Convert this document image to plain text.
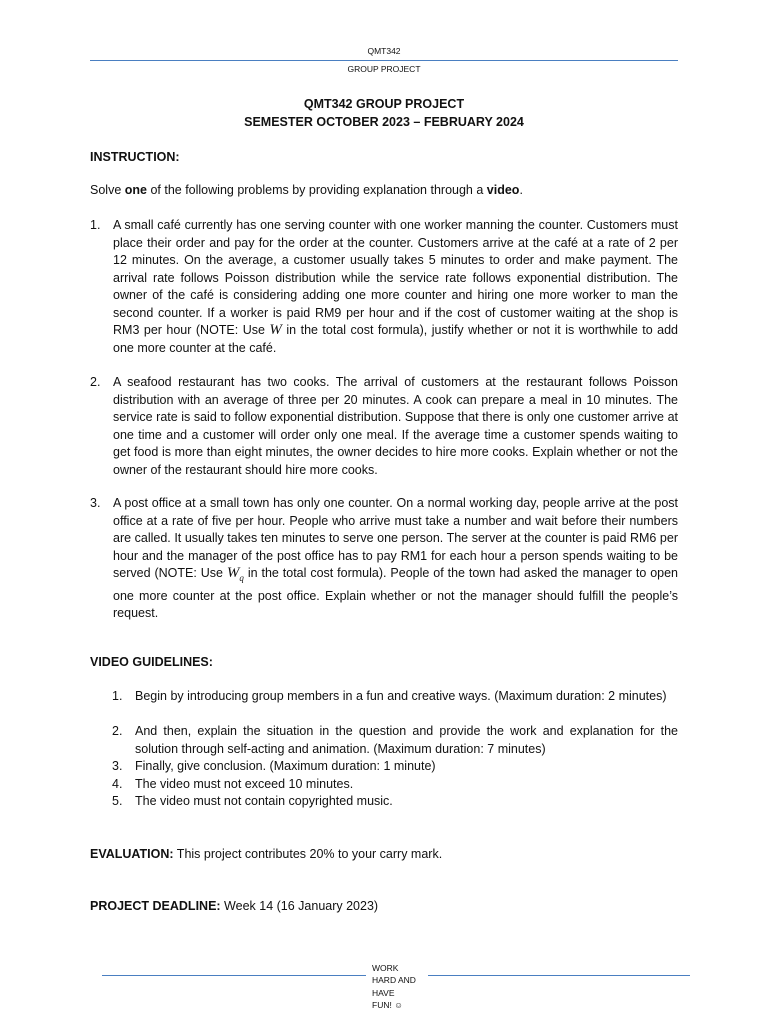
QMT342
GROUP PROJECT
QMT342 GROUP PROJECT
SEMESTER OCTOBER 2023 – FEBRUARY 2024
INSTRUCTION:
Solve one of the following problems by providing explanation through a video.
1. A small café currently has one serving counter with one worker manning the counter. Customers must place their order and pay for the order at the counter. Customers arrive at the café at a rate of 2 per 12 minutes. On the average, a customer usually takes 5 minutes to order and make payment. The arrival rate follows Poisson distribution while the service rate follows exponential distribution. The owner of the café is considering adding one more counter and hiring one more worker to man the second counter. If a worker is paid RM9 per hour and if the cost of customer waiting at the shop is RM3 per hour (NOTE: Use W in the total cost formula), justify whether or not it is worthwhile to add one more counter at the café.
2. A seafood restaurant has two cooks. The arrival of customers at the restaurant follows Poisson distribution with an average of three per 20 minutes. A cook can prepare a meal in 10 minutes. The service rate is said to follow exponential distribution. Suppose that there is only one customer arrive at one time and a customer will order only one meal. If the average time a customer spends waiting to get food is more than eight minutes, the owner decides to hire more cooks. Explain whether or not the owner of the restaurant should hire more cooks.
3. A post office at a small town has only one counter. On a normal working day, people arrive at the post office at a rate of five per hour. People who arrive must take a number and wait before their numbers are called. It usually takes ten minutes to serve one person. The server at the counter is paid RM6 per hour and the manager of the post office has to pay RM1 for each hour a person spends waiting to be served (NOTE: Use $W_q$ in the total cost formula). People of the town had asked the manager to open one more counter at the post office. Explain whether or not the manager should fulfill the people’s request.
VIDEO GUIDELINES:
1. Begin by introducing group members in a fun and creative ways. (Maximum duration: 2 minutes)
2. And then, explain the situation in the question and provide the work and explanation for the solution through self-acting and animation. (Maximum duration: 7 minutes)
3. Finally, give conclusion. (Maximum duration: 1 minute)
4. The video must not exceed 10 minutes.
5. The video must not contain copyrighted music.
EVALUATION: This project contributes 20% to your carry mark.
PROJECT DEADLINE: Week 14 (16 January 2023)
WORK
HARD AND
HAVE
FUN! ☺
